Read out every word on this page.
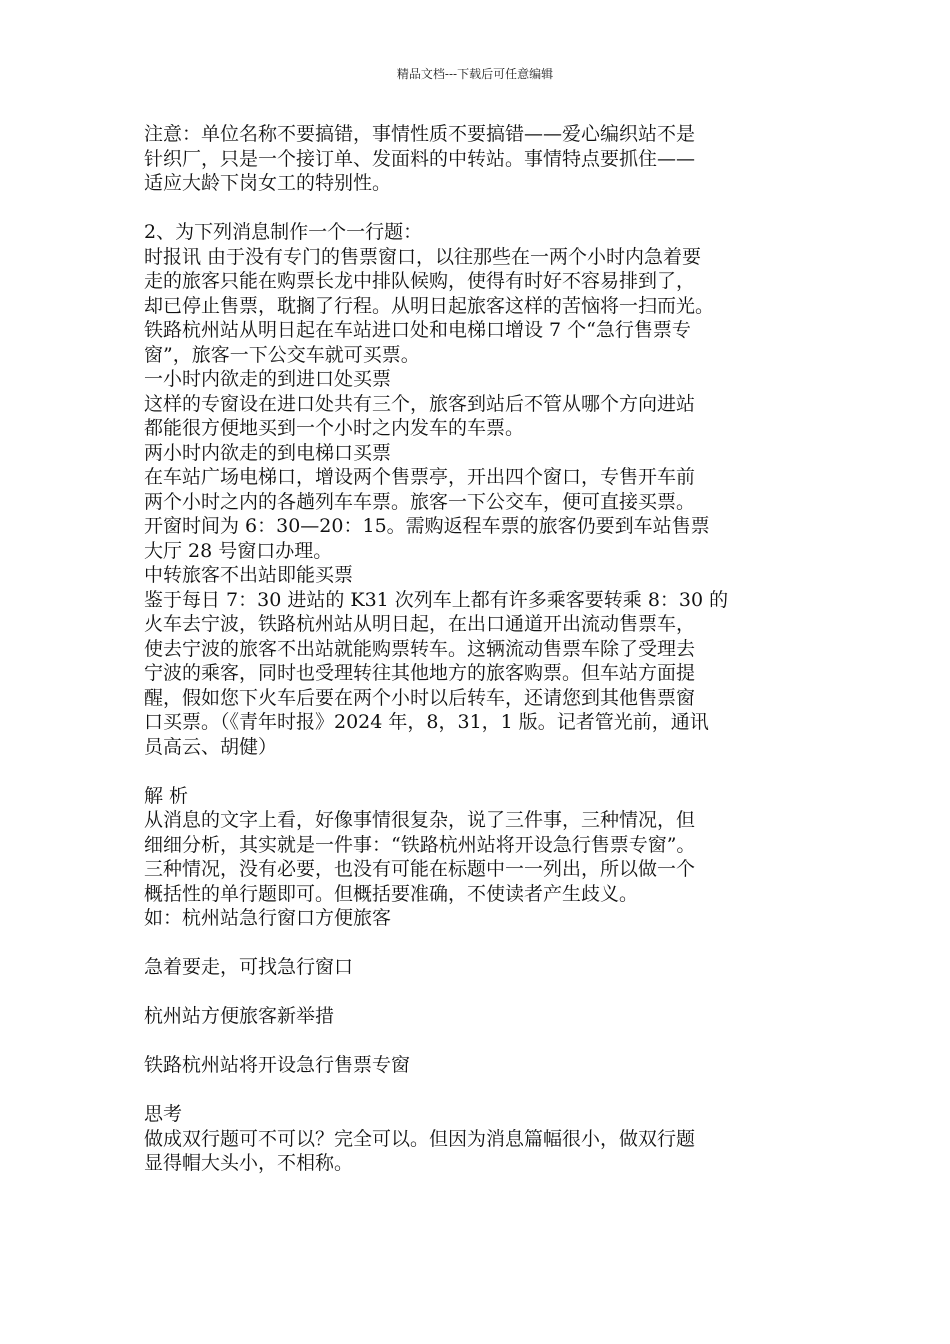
精品文档---下载后可任意编辑
注意：单位名称不要搞错，事情性质不要搞错——爱心编织站不是
针织厂，只是一个接订单、发面料的中转站。事情特点要抓住——
适应大龄下岗女工的特别性。
2、为下列消息制作一个一行题：
时报讯 由于没有专门的售票窗口，以往那些在一两个小时内急着要
走的旅客只能在购票长龙中排队候购，使得有时好不容易排到了，
却已停止售票，耽搁了行程。从明日起旅客这样的苦恼将一扫而光。
铁路杭州站从明日起在车站进口处和电梯口增设 7 个“急行售票专
窗”，旅客一下公交车就可买票。
一小时内欲走的到进口处买票
这样的专窗设在进口处共有三个，旅客到站后不管从哪个方向进站
都能很方便地买到一个小时之内发车的车票。
两小时内欲走的到电梯口买票
在车站广场电梯口，增设两个售票亭，开出四个窗口，专售开车前
两个小时之内的各趟列车车票。旅客一下公交车，便可直接买票。
开窗时间为 6：30—20：15。需购返程车票的旅客仍要到车站售票
大厅 28 号窗口办理。
中转旅客不出站即能买票
鉴于每日 7：30 进站的 K31 次列车上都有许多乘客要转乘 8：30 的
火车去宁波，铁路杭州站从明日起，在出口通道开出流动售票车，
使去宁波的旅客不出站就能购票转车。这辆流动售票车除了受理去
宁波的乘客，同时也受理转往其他地方的旅客购票。但车站方面提
醒，假如您下火车后要在两个小时以后转车，还请您到其他售票窗
口买票。（《青年时报》2024 年，8，31，1 版。记者管光前，通讯
员高云、胡健）
解 析
从消息的文字上看，好像事情很复杂，说了三件事，三种情况，但
细细分析，其实就是一件事：“铁路杭州站将开设急行售票专窗”。
三种情况，没有必要，也没有可能在标题中一一列出，所以做一个
概括性的单行题即可。但概括要准确，不使读者产生歧义。
如：杭州站急行窗口方便旅客
急着要走，可找急行窗口
杭州站方便旅客新举措
铁路杭州站将开设急行售票专窗
思考
做成双行题可不可以？完全可以。但因为消息篇幅很小，做双行题
显得帽大头小，不相称。
